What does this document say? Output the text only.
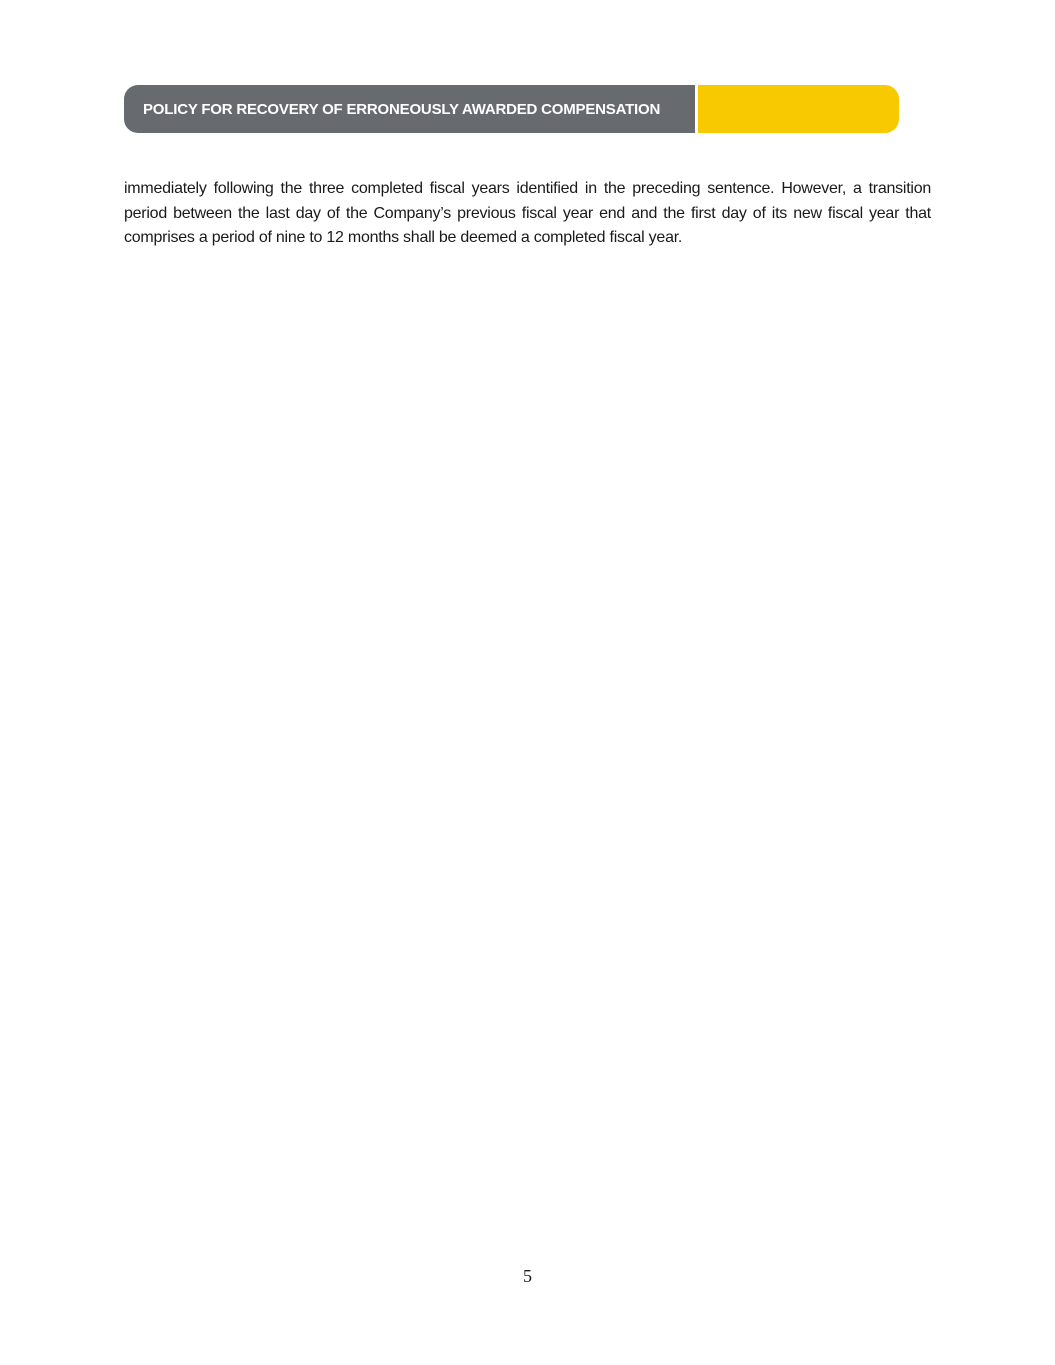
POLICY FOR RECOVERY OF ERRONEOUSLY AWARDED COMPENSATION

immediately following the three completed fiscal years identified in the preceding sentence. However, a transition period between the last day of the Company’s previous fiscal year end and the first day of its new fiscal year that comprises a period of nine to 12 months shall be deemed a completed fiscal year.

5
